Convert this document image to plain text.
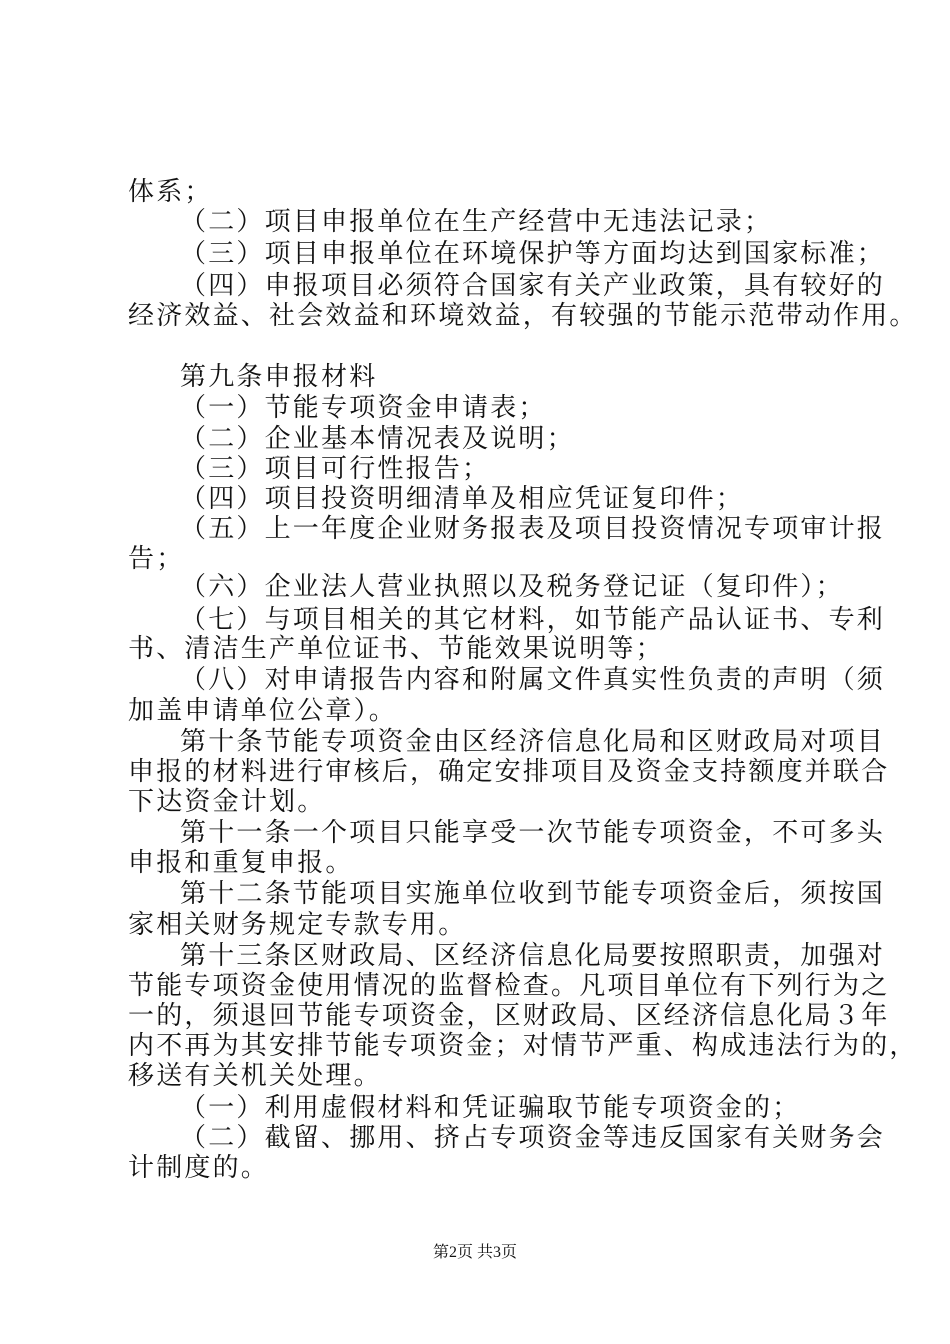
体系；
（二）项目申报单位在生产经营中无违法记录；
（三）项目申报单位在环境保护等方面均达到国家标准；
（四）申报项目必须符合国家有关产业政策，具有较好的
经济效益、社会效益和环境效益，有较强的节能示范带动作用。
第九条申报材料
（一）节能专项资金申请表；
（二）企业基本情况表及说明；
（三）项目可行性报告；
（四）项目投资明细清单及相应凭证复印件；
（五）上一年度企业财务报表及项目投资情况专项审计报
告；
（六）企业法人营业执照以及税务登记证（复印件）；
（七）与项目相关的其它材料，如节能产品认证书、专利
书、清洁生产单位证书、节能效果说明等；
（八）对申请报告内容和附属文件真实性负责的声明（须
加盖申请单位公章）。
第十条节能专项资金由区经济信息化局和区财政局对项目
申报的材料进行审核后，确定安排项目及资金支持额度并联合
下达资金计划。
第十一条一个项目只能享受一次节能专项资金，不可多头
申报和重复申报。
第十二条节能项目实施单位收到节能专项资金后，须按国
家相关财务规定专款专用。
第十三条区财政局、区经济信息化局要按照职责，加强对
节能专项资金使用情况的监督检查。凡项目单位有下列行为之
一的，须退回节能专项资金，区财政局、区经济信息化局３年
内不再为其安排节能专项资金；对情节严重、构成违法行为的，
移送有关机关处理。
（一）利用虚假材料和凭证骗取节能专项资金的；
（二）截留、挪用、挤占专项资金等违反国家有关财务会
计制度的。
第2页 共3页
